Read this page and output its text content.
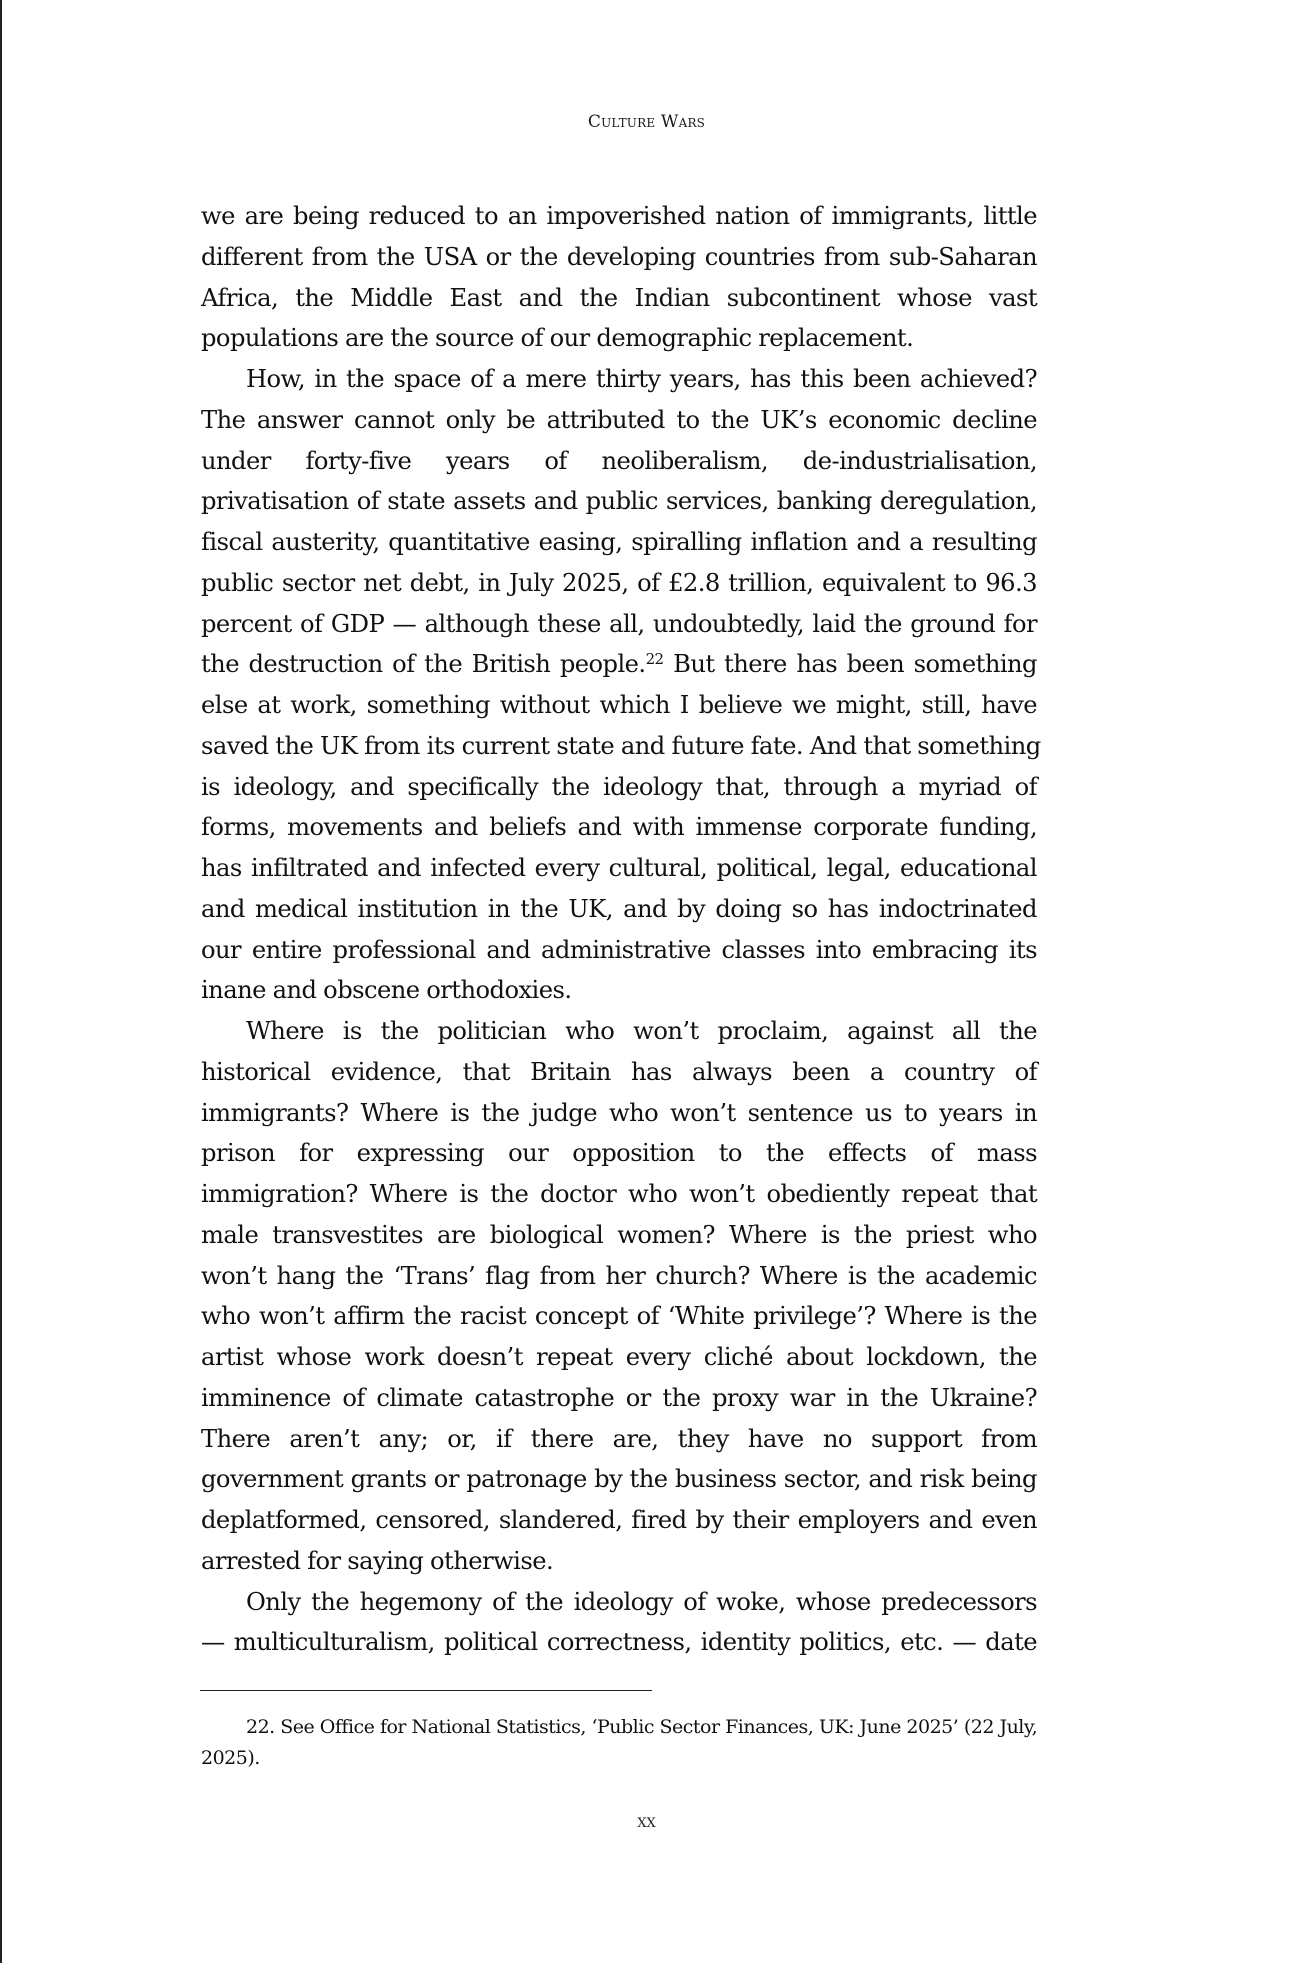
Culture Wars
we are being reduced to an impoverished nation of immigrants, little
different from the USA or the developing countries from sub-Saharan
Africa, the Middle East and the Indian subcontinent whose vast
populations are the source of our demographic replacement.
How, in the space of a mere thirty years, has this been achieved?
The answer cannot only be attributed to the UK’s economic decline
under forty-five years of neoliberalism, de-industrialisation,
privatisation of state assets and public services, banking deregulation,
fiscal austerity, quantitative easing, spiralling inflation and a resulting
public sector net debt, in July 2025, of £2.8 trillion, equivalent to 96.3
percent of GDP — although these all, undoubtedly, laid the ground for
the destruction of the British people.$^{22}$ But there has been something
else at work, something without which I believe we might, still, have
saved the UK from its current state and future fate. And that something
is ideology, and specifically the ideology that, through a myriad of
forms, movements and beliefs and with immense corporate funding,
has infiltrated and infected every cultural, political, legal, educational
and medical institution in the UK, and by doing so has indoctrinated
our entire professional and administrative classes into embracing its
inane and obscene orthodoxies.
Where is the politician who won’t proclaim, against all the
historical evidence, that Britain has always been a country of
immigrants? Where is the judge who won’t sentence us to years in
prison for expressing our opposition to the effects of mass
immigration? Where is the doctor who won’t obediently repeat that
male transvestites are biological women? Where is the priest who
won’t hang the ‘Trans’ flag from her church? Where is the academic
who won’t affirm the racist concept of ‘White privilege’? Where is the
artist whose work doesn’t repeat every cliché about lockdown, the
imminence of climate catastrophe or the proxy war in the Ukraine?
There aren’t any; or, if there are, they have no support from
government grants or patronage by the business sector, and risk being
deplatformed, censored, slandered, fired by their employers and even
arrested for saying otherwise.
Only the hegemony of the ideology of woke, whose predecessors
— multiculturalism, political correctness, identity politics, etc. — date
22. See Office for National Statistics, ‘Public Sector Finances, UK: June 2025’ (22 July,
2025).
xx
